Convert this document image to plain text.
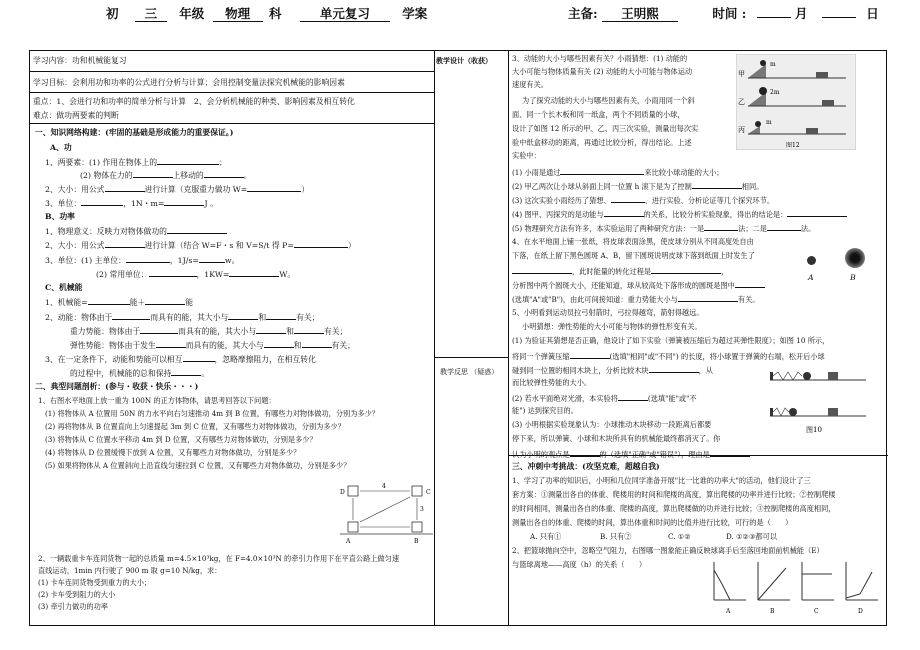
初 三 年级 物理 科	单元复习	学案	主备: 王明熙	时间 :	月	日
学习内容：功和机械能复习
学习目标：会利用功和功率的公式进行分析与计算；会用控制变量法探究机械能的影响因素
重点：1、会进行功和功率的简单分析与计算　2、会分析机械能的种类、影响因素及相互转化
难点：做功两要素的判断
一、知识网络构建：(牢固的基础是形成能力的重要保证。)
A、功
1、两要素：(1) 作用在物体上的	；
(2) 物体在力的	上移动的	。
2、大小：用公式	进行计算（克服重力做功 W=	）
3、单位：	，1N・m=	J 。
B、功率
1、物理意义：反映力对物体做功的
2、大小：用公式	进行计算（结合 W=F・s 和 V=S/t 得 P=	）
3、单位：(1) 主单位：	，1J/s=	w。
(2) 常用单位：	，1KW=	W。
C、机械能
1、机械能=	能＋	能
2、动能：物体由于	而具有的能，其大小与	和	有关；
重力势能：物体由于	而具有的能，其大小与	和	有关；
弹性势能：物体由于发生	而具有的能，其大小与	和	有关；
3、在一定条件下，动能和势能可以相互	，忽略摩擦阻力，在相互转化
的过程中，机械能的总和保持	。
二、典型问题剖析：(参与・收获・快乐・・・)
1、右图水平地面上放一重为 100N 的正方体物体，请思考回答以下问题：
(1) 将物体从 A 位置用 50N 的力水平向右匀速推动 4m 到 B 位置，有哪些力对物体做功，分别为多少？
(2) 再将物体从 B 位置直向上匀速提起 3m 到 C 位置，又有哪些力对物体做功，分别为多少？
(3) 将物体从 C 位置水平移动 4m 到 D 位置，又有哪些力对物体做功，分别是多少？
(4) 将物体从 D 位置缓慢下放到 A 位置，又有哪些力对物体做功，分别是多少？
(5) 如果将物体从 A 位置斜向上沿直线匀速拉到 C 位置，又有哪些力对物体做功，分别是多少？
D	C
A	B
4
3
2、一辆载重卡车连同货物一起的总质量 m=4.5×10³kg，在 F=4.0×10³N 的牵引力作用下在平直公路上做匀速
直线运动，1min 内行驶了 900 m 取 g=10 N/kg，求：
(1) 卡车连同货物受到重力的大小；
(2) 卡车受到阻力的大小
(3) 牵引力做功的功率
教学设计（收获）
教学反思 （疑惑）
3、动能的大小与哪些因素有关？小雨猜想：(1) 动能的
大小可能与物体质量有关 (2) 动能的大小可能与物体运动
速度有关。
为了探究动能的大小与哪些因素有关，小雨用同一个斜
面、同一个长木板和同一纸盒，两个不同质量的小球，
设计了如图 12 所示的甲、乙、丙三次实验，测量出每次实
验中纸盒移动的距离，再通过比较分析，得出结论。上述
实验中：
甲
乙
丙
m
2m
m
图12
(1) 小雨是通过	来比较小球动能的大小；
(2) 甲乙两次让小球从斜面上同一位置 h 滚下是为了控制	相同。
(3) 这次实验小雨经历了猜想、	、进行实验、分析论证等几个探究环节。
(4) 图甲、丙探究的是动能与	的关系，比较分析实验现象，得出的结论是：
(5) 物理研究方法有许多，本实验运用了两种研究方法：一是	法；二是	法。
4、在水平地面上铺一张纸，将皮球表面涂黑，使皮球分别从不同高度处自由
下落，在纸上留下黑色圆斑 A、B，留下圆斑说明皮球下落到纸面上时发生了
，此时能量的转化过程是	，
分析图中两个圆斑大小，还能知道，球从较高处下落形成的圆斑是图中
(选填"A"或"B")，由此可间接知道：重力势能大小与	有关。
A	B
5、小明看到运动员拉弓射箭时，弓拉得越弯，箭射得越远。
小明猜想：弹性势能的大小可能与物体的弹性形变有关。
(1) 为验证其猜想是否正确，他设计了如下实验（弹簧被压缩后为超过其弹性限度）；如图 10 所示，
将同一个弹簧压缩	(选填"相同"或"不同") 的长度，将小球置于弹簧的右端，松开后小球
碰到同一位置的相同木块上，分析比较木块	，从
而比较弹性势能的大小。
(2) 若水平面绝对光滑，本实验将	(选填"能"或"不
能") 达到探究目的。
(3) 小明根据实验现象认为：小球推动木块移动一段距离后都要
停下来，所以弹簧、小球和木块所具有的机械能最终都消灭了。你
认为小明的观点是	的（选填"正确"或"错误"），理由是
图10
三、冲刺中考挑战：(攻坚克难，超越自我)
1、学习了功率的知识后，小明和几位同学准备开展"比一比谁的功率大"的活动，他们设计了三
套方案：①测量出各自的体重、爬楼用的时间和爬楼的高度，算出爬楼的功率并进行比较；②控制爬楼
的时间相同，测量出各自的体重、爬楼的高度，算出爬楼做的功并进行比较；③控制爬楼的高度相同，
测量出各自的体重、爬楼的时间，算出体重和时间的比值并进行比较，可行的是（　　）
A. 只有①	B. 只有②	C. ①②	D. ①②③都可以
2、把篮球抛向空中，忽略空气阻力，右图哪一图象能正确反映球离手后至落回地面前机械能（E）
与篮球离地——高度（h）的关系（　　）
A	B	C	D
